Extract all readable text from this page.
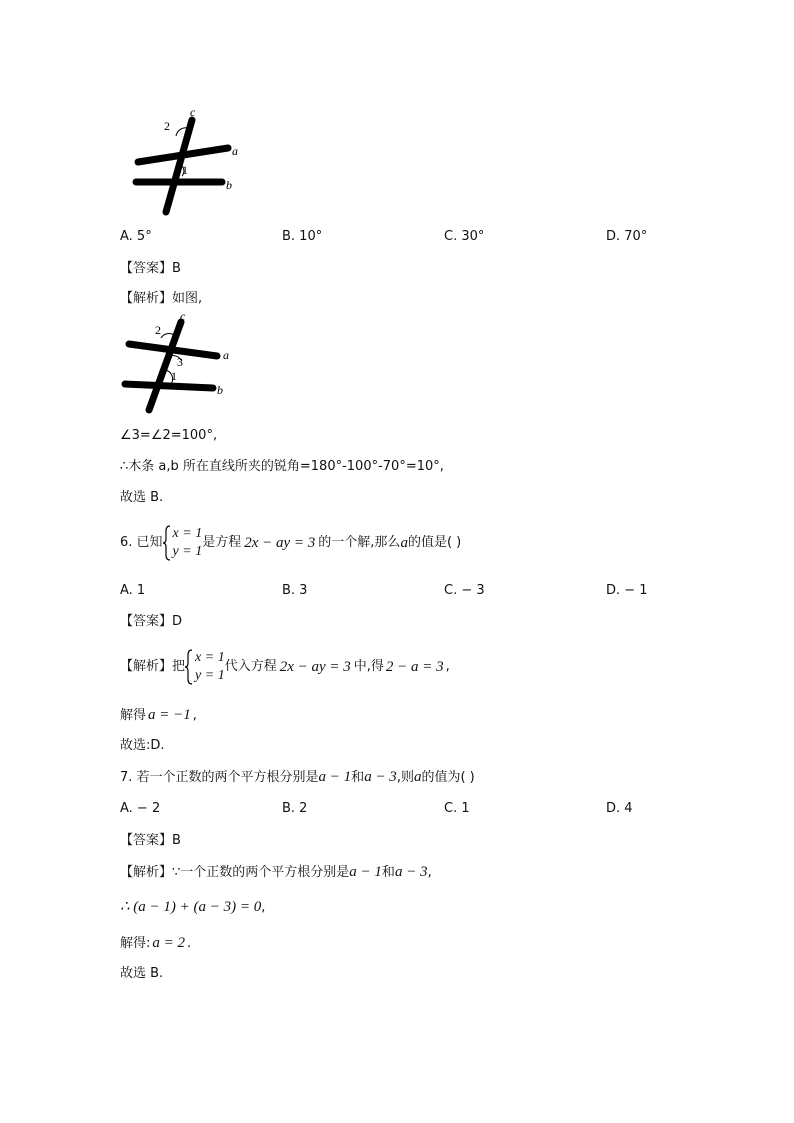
c
2
a
1
b
A. 5°	B. 10°	C. 30°	D. 70°
【答案】B
【解析】如图,
c
2
a
3
1
b
∠3=∠2=100°,
∴木条 a,b 所在直线所夹的锐角=180°-100°-70°=10°,
故选 B.
6. 已知
x = 1
y = 1
是方程 2x − ay = 3 的一个解,那么a的值是( )
A. 1	B. 3	C. − 3	D. − 1
【答案】D
【解析】把
x = 1
y = 1
代入方程 2x − ay = 3 中,得 2 − a = 3 ,
解得 a = −1 ,
故选:D.
7. 若一个正数的两个平方根分别是a − 1和a − 3,则a的值为( )
A. − 2	B. 2	C. 1	D. 4
【答案】B
【解析】∵一个正数的两个平方根分别是a − 1和a − 3,
∴ (a − 1) + (a − 3) = 0,
解得: a = 2 .
故选 B.
